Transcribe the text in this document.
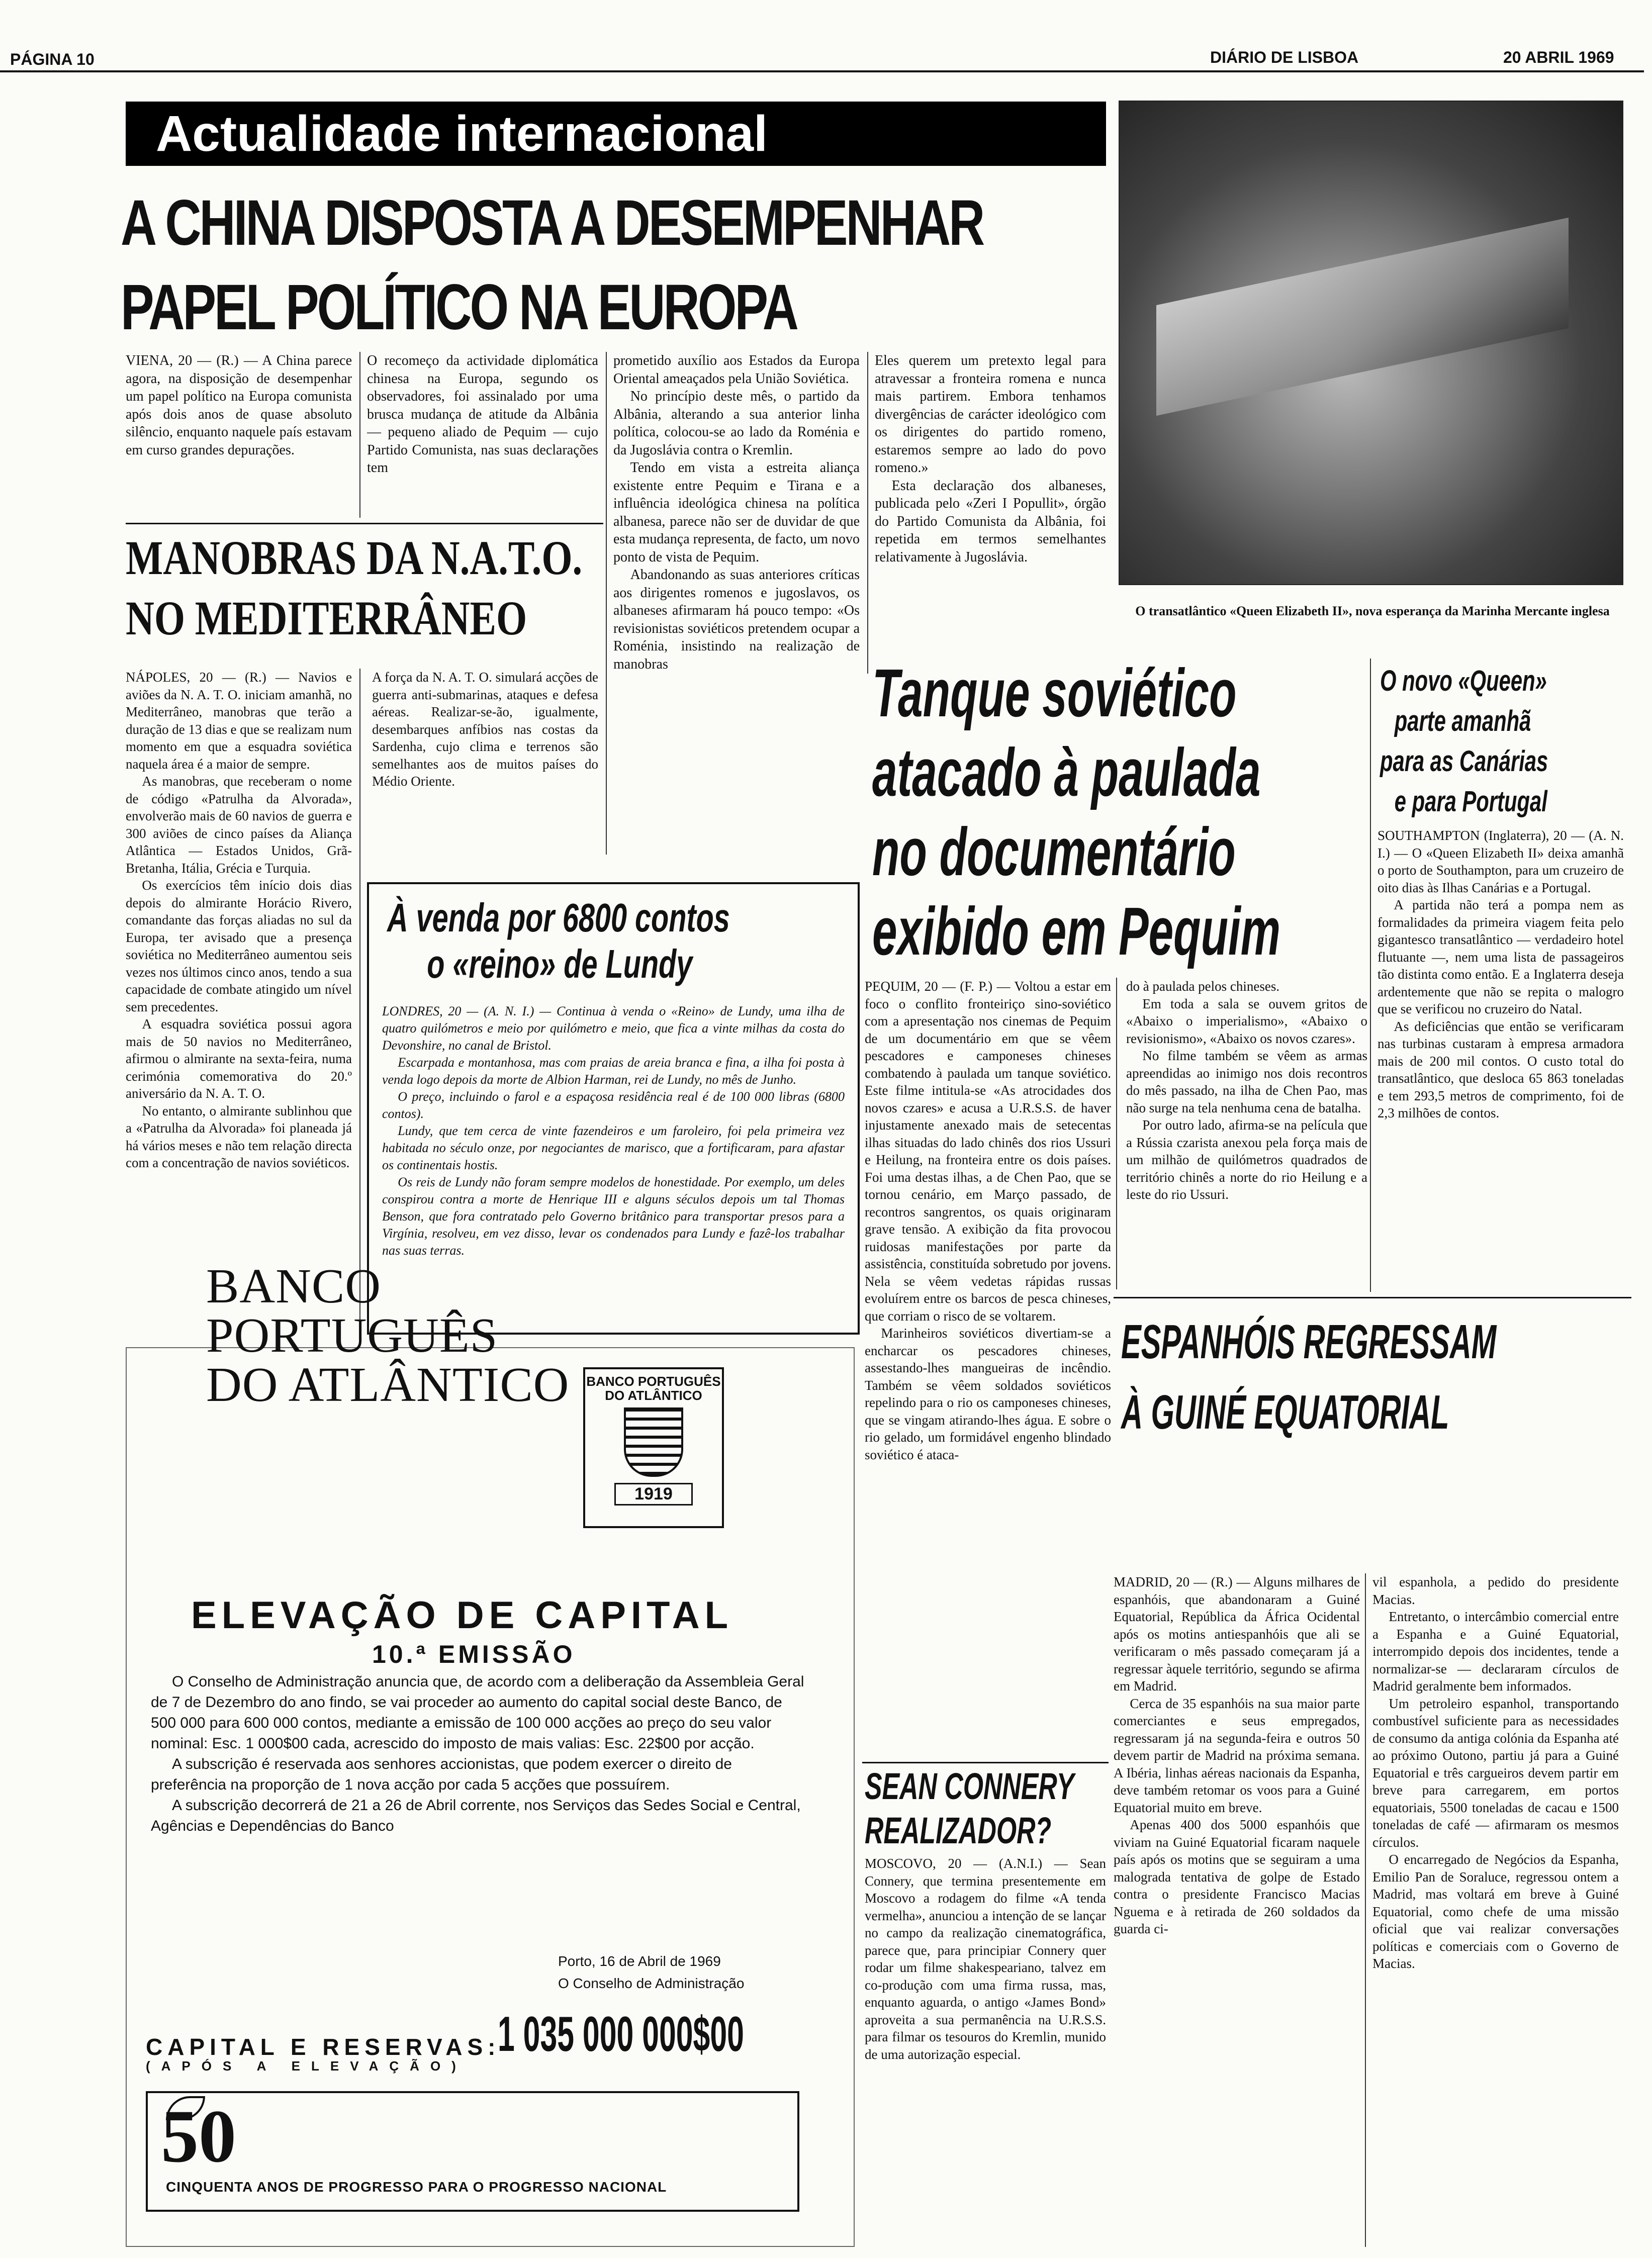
PÁGINA 10	DIÁRIO DE LISBOA	20 ABRIL 1969
Actualidade internacional
A CHINA DISPOSTA A DESEMPENHAR
PAPEL POLÍTICO NA EUROPA

VIENA, 20 — (R.) — A China parece agora, na disposição de desempenhar um papel político na Europa comunista após dois anos de quase absoluto silêncio, enquanto naquele país estavam em curso grandes depurações.

O recomeço da actividade diplomática chinesa na Europa, segundo os observadores, foi assinalado por uma brusca mudança de atitude da Albânia — pequeno aliado de Pequim — cujo Partido Comunista, nas suas declarações tem

prometido auxílio aos Estados da Europa Oriental ameaçados pela União Soviética.

No princípio deste mês, o partido da Albânia, alterando a sua anterior linha política, colocou-se ao lado da Roménia e da Jugoslávia contra o Kremlin.

Tendo em vista a estreita aliança existente entre Pequim e Tirana e a influência ideológica chinesa na política albanesa, parece não ser de duvidar de que esta mudança representa, de facto, um novo ponto de vista de Pequim.

Abandonando as suas anteriores críticas aos dirigentes romenos e jugoslavos, os albaneses afirmaram há pouco tempo: «Os revisionistas soviéticos pretendem ocupar a Roménia, insistindo na realização de manobras

Eles querem um pretexto legal para atravessar a fronteira romena e nunca mais partirem. Embora tenhamos divergências de carácter ideológico com os dirigentes do partido romeno, estaremos sempre ao lado do povo romeno.»

Esta declaração dos albaneses, publicada pelo «Zeri I Popullit», órgão do Partido Comunista da Albânia, foi repetida em termos semelhantes relativamente à Jugoslávia.

O transatlântico «Queen Elizabeth II», nova esperança da Marinha Mercante inglesa
MANOBRAS DA N.A.T.O.
NO MEDITERRÂNEO

NÁPOLES, 20 — (R.) — Navios e aviões da N. A. T. O. iniciam amanhã, no Mediterrâneo, manobras que terão a duração de 13 dias e que se realizam num momento em que a esquadra soviética naquela área é a maior de sempre.

As manobras, que receberam o nome de código «Patrulha da Alvorada», envolverão mais de 60 navios de guerra e 300 aviões de cinco países da Aliança Atlântica — Estados Unidos, Grã-Bretanha, Itália, Grécia e Turquia.

Os exercícios têm início dois dias depois do almirante Horácio Rivero, comandante das forças aliadas no sul da Europa, ter avisado que a presença soviética no Mediterrâneo aumentou seis vezes nos últimos cinco anos, tendo a sua capacidade de combate atingido um nível sem precedentes.

A esquadra soviética possui agora mais de 50 navios no Mediterrâneo, afirmou o almirante na sexta-feira, numa cerimónia comemorativa do 20.º aniversário da N. A. T. O.

No entanto, o almirante sublinhou que a «Patrulha da Alvorada» foi planeada já há vários meses e não tem relação directa com a concentração de navios soviéticos.

A força da N. A. T. O. simulará acções de guerra anti-submarinas, ataques e defesa aéreas. Realizar-se-ão, igualmente, desembarques anfíbios nas costas da Sardenha, cujo clima e terrenos são semelhantes aos de muitos países do Médio Oriente.

À venda por 6800 contos
o «reino» de Lundy

LONDRES, 20 — (A. N. I.) — Continua à venda o «Reino» de Lundy, uma ilha de quatro quilómetros e meio por quilómetro e meio, que fica a vinte milhas da costa do Devonshire, no canal de Bristol.

Escarpada e montanhosa, mas com praias de areia branca e fina, a ilha foi posta à venda logo depois da morte de Albion Harman, rei de Lundy, no mês de Junho.

O preço, incluindo o farol e a espaçosa residência real é de 100 000 libras (6800 contos).

Lundy, que tem cerca de vinte fazendeiros e um faroleiro, foi pela primeira vez habitada no século onze, por negociantes de marisco, que a fortificaram, para afastar os continentais hostis.

Os reis de Lundy não foram sempre modelos de honestidade. Por exemplo, um deles conspirou contra a morte de Henrique III e alguns séculos depois um tal Thomas Benson, que fora contratado pelo Governo britânico para transportar presos para a Virgínia, resolveu, em vez disso, levar os condenados para Lundy e fazê-los trabalhar nas suas terras.

Tanque soviético
atacado à paulada
no documentário
exibido em Pequim

PEQUIM, 20 — (F. P.) — Voltou a estar em foco o conflito fronteiriço sino-soviético com a apresentação nos cinemas de Pequim de um documentário em que se vêem pescadores e camponeses chineses combatendo à paulada um tanque soviético. Este filme intitula-se «As atrocidades dos novos czares» e acusa a U.R.S.S. de haver injustamente anexado mais de setecentas ilhas situadas do lado chinês dos rios Ussuri e Heilung, na fronteira entre os dois países. Foi uma destas ilhas, a de Chen Pao, que se tornou cenário, em Março passado, de recontros sangrentos, os quais originaram grave tensão. A exibição da fita provocou ruidosas manifestações por parte da assistência, constituída sobretudo por jovens. Nela se vêem vedetas rápidas russas evoluírem entre os barcos de pesca chineses, que corriam o risco de se voltarem.

Marinheiros soviéticos divertiam-se a encharcar os pescadores chineses, assestando-lhes mangueiras de incêndio. Também se vêem soldados soviéticos repelindo para o rio os camponeses chineses, que se vingam atirando-lhes água. E sobre o rio gelado, um formidável engenho blindado soviético é ataca-

do à paulada pelos chineses.

Em toda a sala se ouvem gritos de «Abaixo o imperialismo», «Abaixo o revisionismo», «Abaixo os novos czares».

No filme também se vêem as armas apreendidas ao inimigo nos dois recontros do mês passado, na ilha de Chen Pao, mas não surge na tela nenhuma cena de batalha.

Por outro lado, afirma-se na película que a Rússia czarista anexou pela força mais de um milhão de quilómetros quadrados de território chinês a norte do rio Heilung e a leste do rio Ussuri.

O novo «Queen»
parte amanhã
para as Canárias
e para Portugal

SOUTHAMPTON (Inglaterra), 20 — (A. N. I.) — O «Queen Elizabeth II» deixa amanhã o porto de Southampton, para um cruzeiro de oito dias às Ilhas Canárias e a Portugal.

A partida não terá a pompa nem as formalidades da primeira viagem feita pelo gigantesco transatlântico — verdadeiro hotel flutuante —, nem uma lista de passageiros tão distinta como então. E a Inglaterra deseja ardentemente que não se repita o malogro que se verificou no cruzeiro do Natal.

As deficiências que então se verificaram nas turbinas custaram à empresa armadora mais de 200 mil contos. O custo total do transatlântico, que desloca 65 863 toneladas e tem 293,5 metros de comprimento, foi de 2,3 milhões de contos.

ESPANHÓIS REGRESSAM
À GUINÉ EQUATORIAL

MADRID, 20 — (R.) — Alguns milhares de espanhóis, que abandonaram a Guiné Equatorial, República da África Ocidental após os motins antiespanhóis que ali se verificaram o mês passado começaram já a regressar àquele território, segundo se afirma em Madrid.

Cerca de 35 espanhóis na sua maior parte comerciantes e seus empregados, regressaram já na segunda-feira e outros 50 devem partir de Madrid na próxima semana. A Ibéria, linhas aéreas nacionais da Espanha, deve também retomar os voos para a Guiné Equatorial muito em breve.

Apenas 400 dos 5000 espanhóis que viviam na Guiné Equatorial ficaram naquele país após os motins que se seguiram a uma malograda tentativa de golpe de Estado contra o presidente Francisco Macias Nguema e à retirada de 260 soldados da guarda ci-

vil espanhola, a pedido do presidente Macias.

Entretanto, o intercâmbio comercial entre a Espanha e a Guiné Equatorial, interrompido depois dos incidentes, tende a normalizar-se — declararam círculos de Madrid geralmente bem informados.

Um petroleiro espanhol, transportando combustível suficiente para as necessidades de consumo da antiga colónia da Espanha até ao próximo Outono, partiu já para a Guiné Equatorial e três cargueiros devem partir em breve para carregarem, em portos equatoriais, 5500 toneladas de cacau e 1500 toneladas de café — afirmaram os mesmos círculos.

O encarregado de Negócios da Espanha, Emilio Pan de Soraluce, regressou ontem a Madrid, mas voltará em breve à Guiné Equatorial, como chefe de uma missão oficial que vai realizar conversações políticas e comerciais com o Governo de Macias.

SEAN CONNERY
REALIZADOR?

MOSCOVO, 20 — (A.N.I.) — Sean Connery, que termina presentemente em Moscovo a rodagem do filme «A tenda vermelha», anunciou a intenção de se lançar no campo da realização cinematográfica, parece que, para principiar Connery quer rodar um filme shakespeariano, talvez em co-produção com uma firma russa, mas, enquanto aguarda, o antigo «James Bond» aproveita a sua permanência na U.R.S.S. para filmar os tesouros do Kremlin, munido de uma autorização especial.

BANCO
PORTUGUÊS
DO ATLÂNTICO BANCO PORTUGUÊS DO ATLÂNTICO
1919
ELEVAÇÃO DE CAPITAL
10.ª EMISSÃO

O Conselho de Administração anuncia que, de acordo com a deliberação da Assembleia Geral de 7 de Dezembro do ano findo, se vai proceder ao aumento do capital social deste Banco, de 500 000 para 600 000 contos, mediante a emissão de 100 000 acções ao preço do seu valor nominal: Esc. 1 000$00 cada, acrescido do imposto de mais valias: Esc. 22$00 por acção.

A subscrição é reservada aos senhores accionistas, que podem exercer o direito de preferência na proporção de 1 nova acção por cada 5 acções que possuírem.

A subscrição decorrerá de 21 a 26 de Abril corrente, nos Serviços das Sedes Social e Central, Agências e Dependências do Banco

Porto, 16 de Abril de 1969
O Conselho de Administração
CAPITAL E RESERVAS:
(APÓS A ELEVAÇÃO)
1 035 000 000$00
50
CINQUENTA ANOS DE PROGRESSO PARA O PROGRESSO NACIONAL
